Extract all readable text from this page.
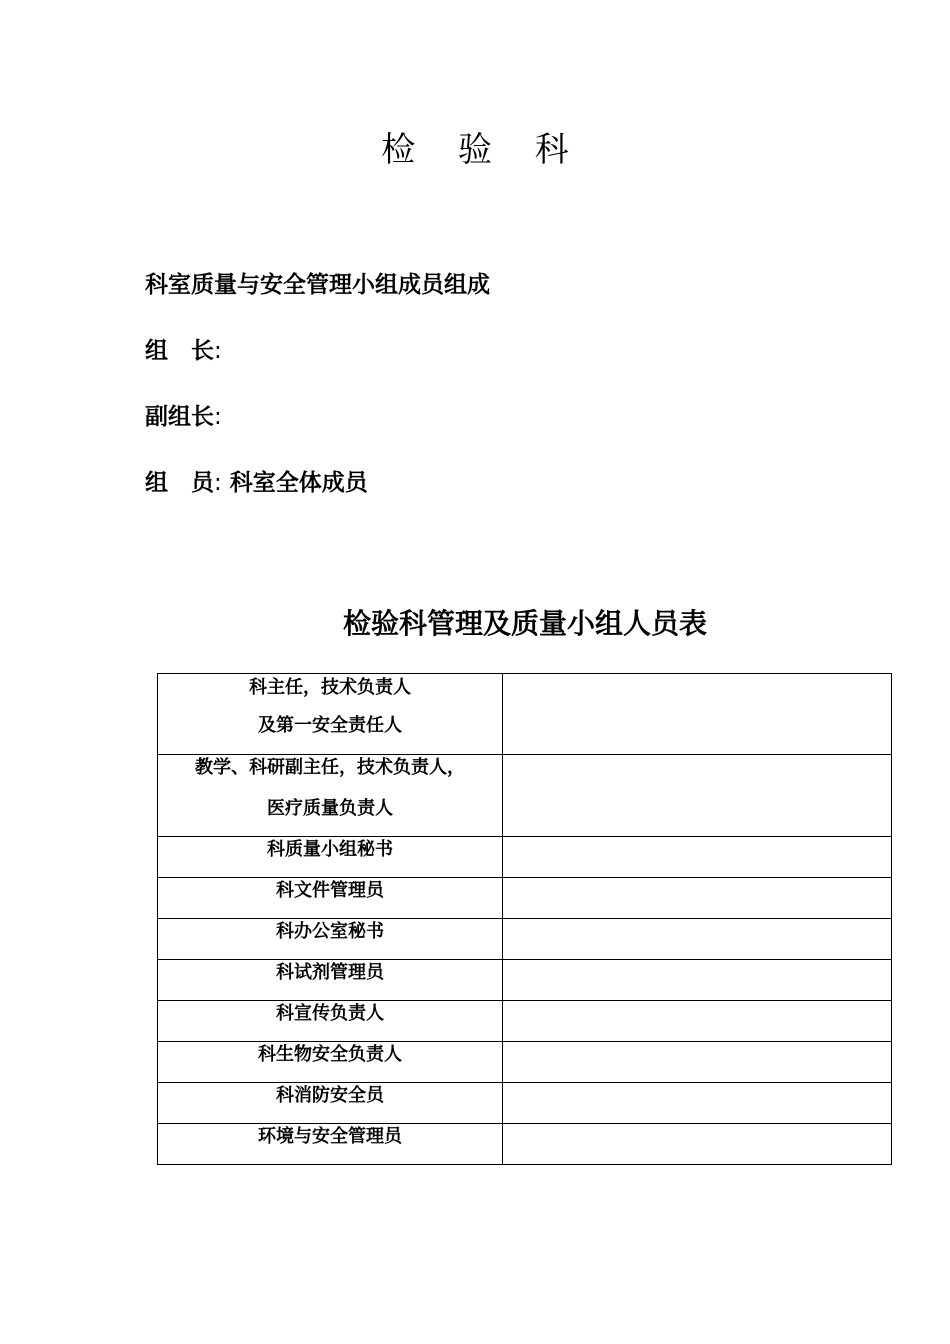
检 验 科
科室质量与安全管理小组成员组成
组　长:
副组长:
组　员: 科室全体成员
检验科管理及质量小组人员表
科主任，技术负责人
及第一安全责任人	

教学、科研副主任，技术负责人，
医疗质量负责人	

科质量小组秘书	

科文件管理员	

科办公室秘书	

科试剂管理员	

科宣传负责人	

科生物安全负责人	

科消防安全员	

环境与安全管理员	
